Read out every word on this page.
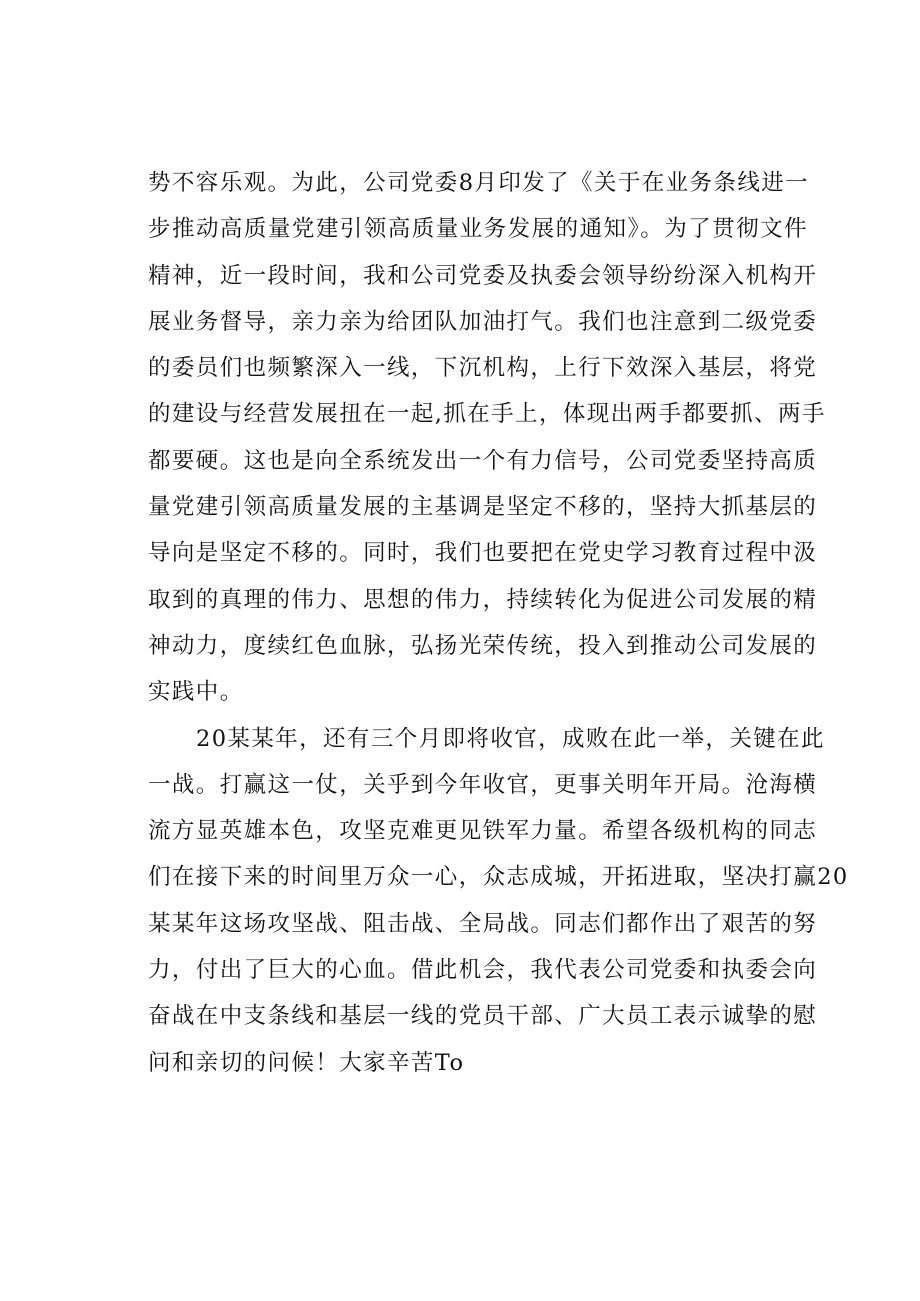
势不容乐观。为此，公司党委8月印发了《关于在业务条线进一
步推动高质量党建引领高质量业务发展的通知》。为了贯彻文件
精神，近一段时间，我和公司党委及执委会领导纷纷深入机构开
展业务督导，亲力亲为给团队加油打气。我们也注意到二级党委
的委员们也频繁深入一线，下沉机构，上行下效深入基层，将党
的建设与经营发展扭在一起,抓在手上，体现出两手都要抓、两手
都要硬。这也是向全系统发出一个有力信号，公司党委坚持高质
量党建引领高质量发展的主基调是坚定不移的，坚持大抓基层的
导向是坚定不移的。同时，我们也要把在党史学习教育过程中汲
取到的真理的伟力、思想的伟力，持续转化为促进公司发展的精
神动力，度续红色血脉，弘扬光荣传统，投入到推动公司发展的
实践中。
20某某年，还有三个月即将收官，成败在此一举，关键在此
一战。打赢这一仗，关乎到今年收官，更事关明年开局。沧海横
流方显英雄本色，攻坚克难更见铁军力量。希望各级机构的同志
们在接下来的时间里万众一心，众志成城，开拓进取，坚决打赢20
某某年这场攻坚战、阻击战、全局战。同志们都作出了艰苦的努
力，付出了巨大的心血。借此机会，我代表公司党委和执委会向
奋战在中支条线和基层一线的党员干部、广大员工表示诚挚的慰
问和亲切的问候！大家辛苦To
